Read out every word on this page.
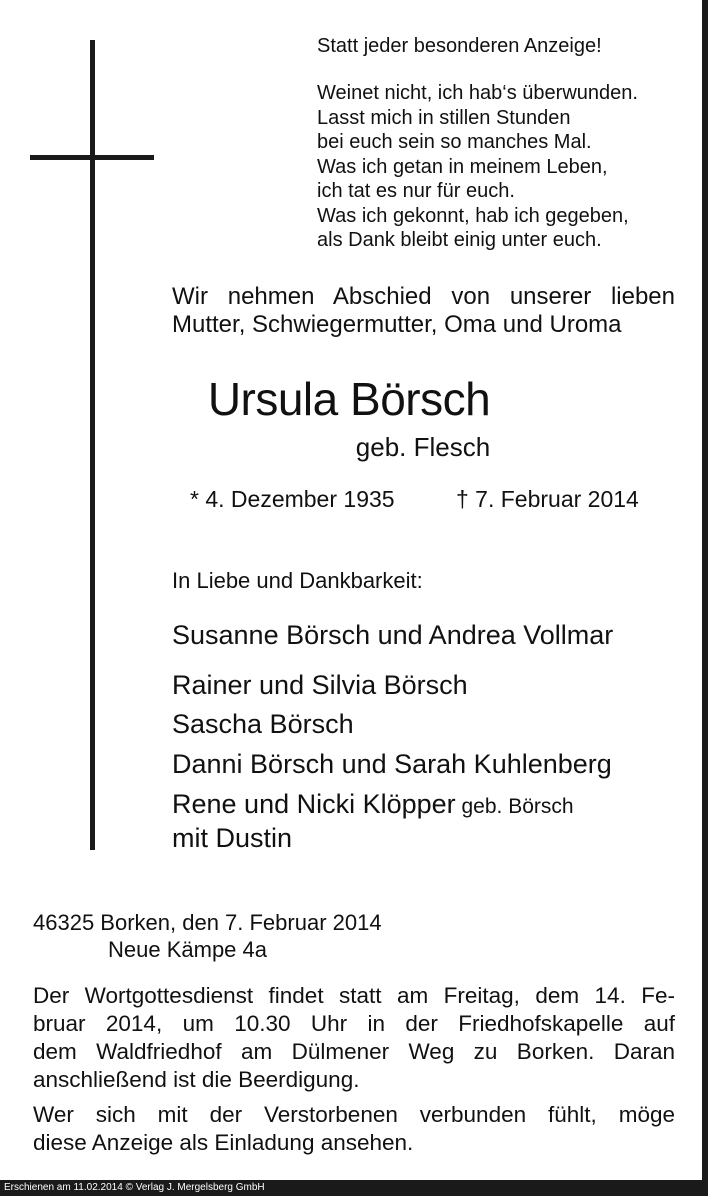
Statt jeder besonderen Anzeige!
Weinet nicht, ich hab‘s überwunden.
Lasst mich in stillen Stunden
bei euch sein so manches Mal.
Was ich getan in meinem Leben,
ich tat es nur für euch.
Was ich gekonnt, hab ich gegeben,
als Dank bleibt einig unter euch.
Wir nehmen Abschied von unserer lieben
Mutter, Schwiegermutter, Oma und Uroma
Ursula Börsch
geb. Flesch
* 4. Dezember 1935	† 7. Februar 2014
In Liebe und Dankbarkeit:
Susanne Börsch und Andrea Vollmar
Rainer und Silvia Börsch
Sascha Börsch
Danni Börsch und Sarah Kuhlenberg
Rene und Nicki Klöpper geb. Börsch
mit Dustin
46325 Borken, den 7. Februar 2014
Neue Kämpe 4a
Der Wortgottesdienst findet statt am Freitag, dem 14. Fe-
bruar 2014, um 10.30 Uhr in der Friedhofskapelle auf
dem Waldfriedhof am Dülmener Weg zu Borken. Daran
anschließend ist die Beerdigung.
Wer sich mit der Verstorbenen verbunden fühlt, möge
diese Anzeige als Einladung ansehen.
Erschienen am 11.02.2014 © Verlag J. Mergelsberg GmbH
